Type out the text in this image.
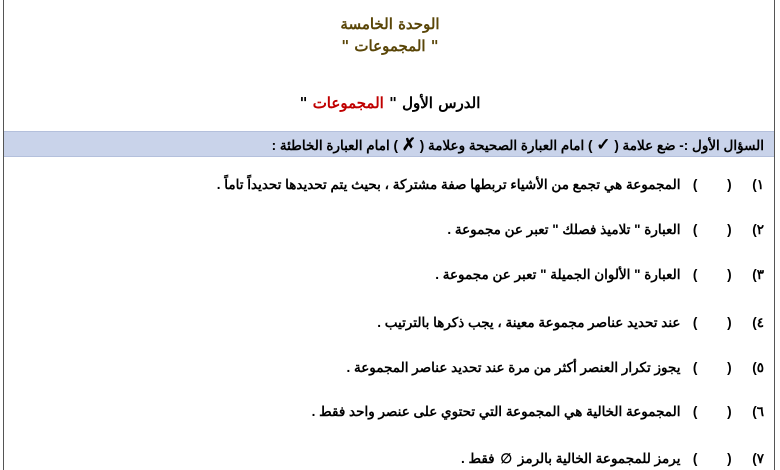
الوحدة الخامسة
" المجموعات "
الدرس الأول " المجموعات "
السؤال الأول :- ضع علامة ( ✓ ) امام العبارة الصحيحة وعلامة ( ✗ ) امام العبارة الخاطئة :
١) ( ) المجموعة هي تجمع من الأشياء تربطها صفة مشتركة ، بحيث يتم تحديدها تحديداً تاماً .
٢) ( ) العبارة " تلاميذ فصلك " تعبر عن مجموعة .
٣) ( ) العبارة " الألوان الجميلة " تعبر عن مجموعة .
٤) ( ) عند تحديد عناصر مجموعة معينة ، يجب ذكرها بالترتيب .
٥) ( ) يجوز تكرار العنصر أكثر من مرة عند تحديد عناصر المجموعة .
٦) ( ) المجموعة الخالية هي المجموعة التي تحتوي على عنصر واحد فقط .
٧) ( ) يرمز للمجموعة الخالية بالرمز ∅ فقط .
